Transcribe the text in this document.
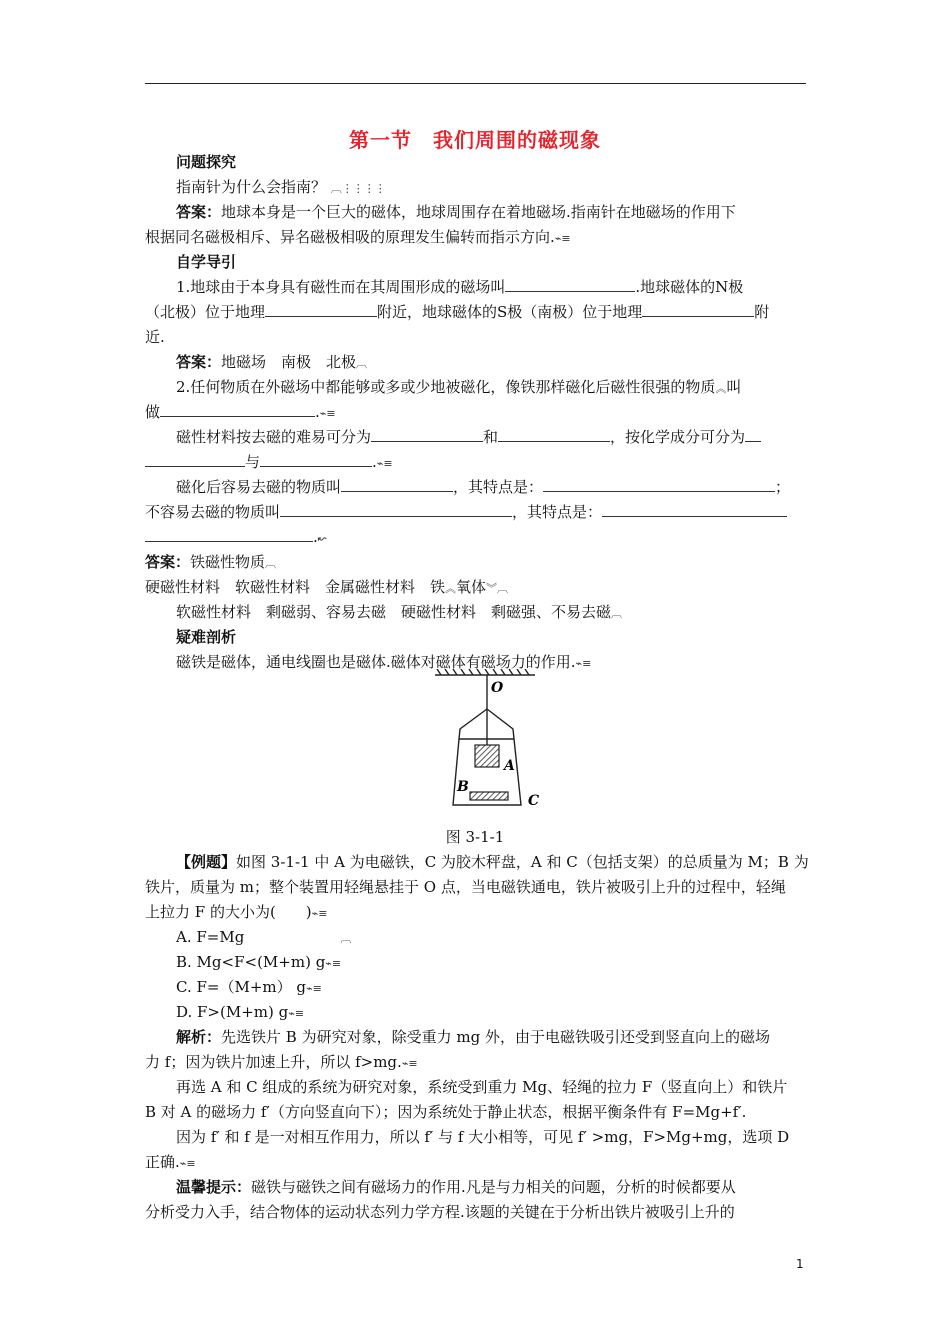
第一节　我们周围的磁现象
问题探究
指南针为什么会指南？ ︹⋮⋮⋮⋮
答案：地球本身是一个巨大的磁体，地球周围存在着地磁场.指南针在地磁场的作用下
根据同名磁极相斥、异名磁极相吸的原理发生偏转而指示方向.⌁≡
自学导引
1.地球由于本身具有磁性而在其周围形成的磁场叫	.地球磁体的N极
（北极）位于地理	附近，地球磁体的S极（南极）位于地理	附
近.
答案：地磁场　南极　北极︹
2.任何物质在外磁场中都能够或多或少地被磁化，像铁那样磁化后磁性很强的物质︽叫
做	.⌁≡
磁性材料按去磁的难易可分为	和	，按化学成分可分为
与	.⌁≡
磁化后容易去磁的物质叫	，其特点是：	；
不容易去磁的物质叫	，其特点是：
.↜
答案：铁磁性物质︹
硬磁性材料　软磁性材料　金属磁性材料　铁︽氧体︾︹
软磁性材料　剩磁弱、容易去磁　硬磁性材料　剩磁强、不易去磁︹
疑难剖析
磁铁是磁体，通电线圈也是磁体.磁体对磁体有磁场力的作用.⌁≡
O
A
B
C
图 3-1-1
【例题】如图 3-1-1 中 A 为电磁铁，C 为胶木秤盘，A 和 C（包括支架）的总质量为 M；B 为
铁片，质量为 m；整个装置用轻绳悬挂于 O 点，当电磁铁通电，铁片被吸引上升的过程中，轻绳
上拉力 F 的大小为(　　)⌁≡
A. F=Mg	︹
B. Mg<F<(M+m) g⌁≡
C. F=（M+m） g⌁≡
D. F>(M+m) g⌁≡
解析：先选铁片 B 为研究对象，除受重力 mg 外，由于电磁铁吸引还受到竖直向上的磁场
力 f；因为铁片加速上升，所以 f>mg.⌁≡
再选 A 和 C 组成的系统为研究对象，系统受到重力 Mg、轻绳的拉力 F（竖直向上）和铁片
B 对 A 的磁场力 f′（方向竖直向下）；因为系统处于静止状态，根据平衡条件有 F=Mg+f′.
因为 f′ 和 f 是一对相互作用力，所以 f′ 与 f 大小相等，可见 f′ >mg，F>Mg+mg，选项 D
正确.⌁≡
温馨提示：磁铁与磁铁之间有磁场力的作用.凡是与力相关的问题，分析的时候都要从
分析受力入手，结合物体的运动状态列力学方程.该题的关键在于分析出铁片被吸引上升的
1
